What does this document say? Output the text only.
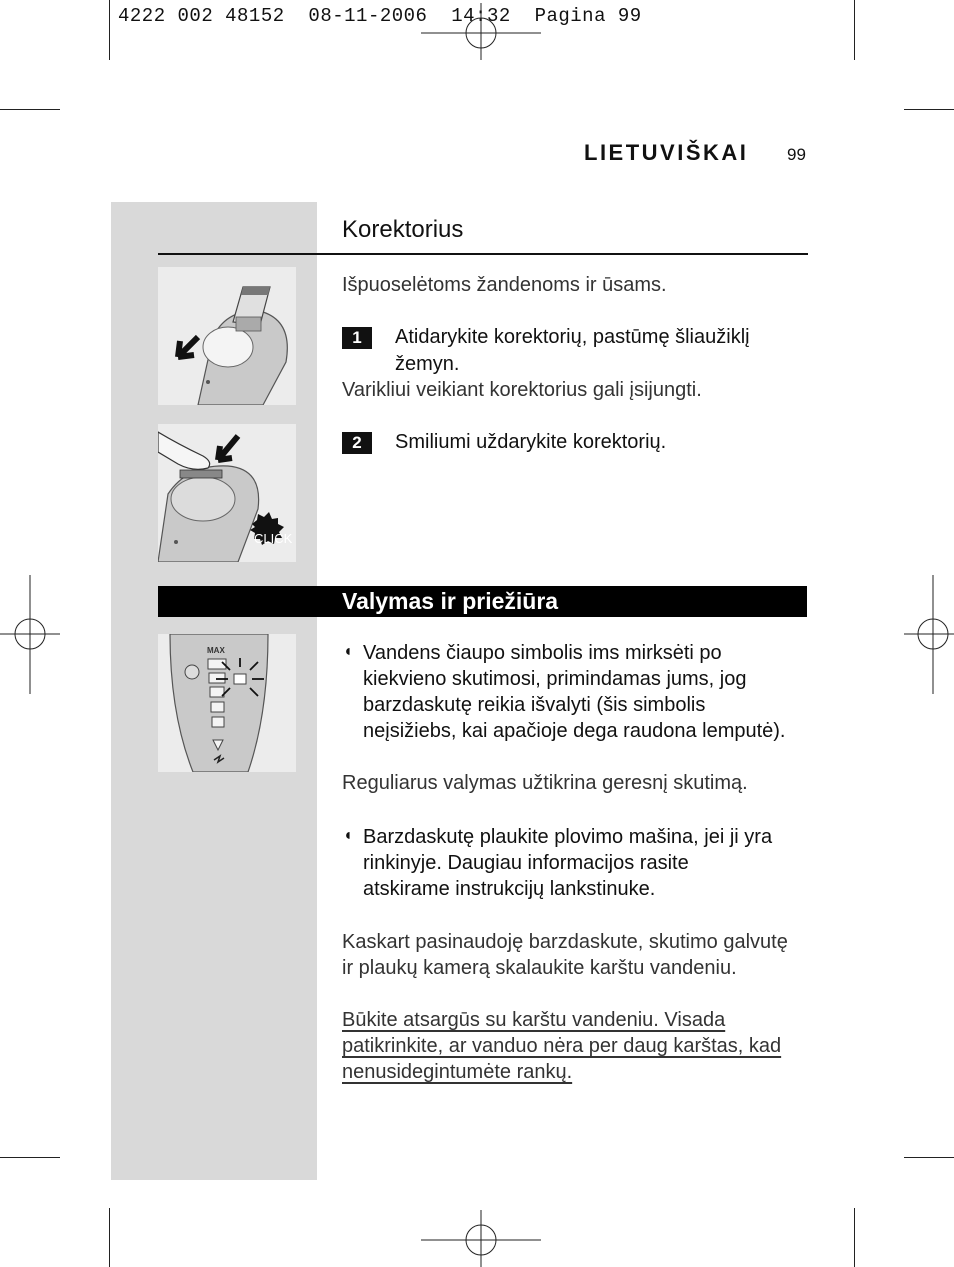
4222 002 48152  08-11-2006  14:32  Pagina 99
LIETUVIŠKAI 99
Korektorius
Išpuoselėtoms žandenoms ir ūsams.
1	Atidarykite korektorių, pastūmę šliaužiklį
žemyn.
Varikliui veikiant korektorius gali įsijungti.
2	Smiliumi uždarykite korektorių.
CLICK
Valymas ir priežiūra
MAX	◖ Vandens čiaupo simbolis ims mirksėti po
kiekvieno skutimosi, primindamas jums, jog
barzdaskutę reikia išvalyti (šis simbolis
neįsižiebs, kai apačioje dega raudona lemputė).
Reguliarus valymas užtikrina geresnį skutimą.
◖ Barzdaskutę plaukite plovimo mašina, jei ji yra
rinkinyje. Daugiau informacijos rasite
atskirame instrukcijų lankstinuke.
Kaskart pasinaudoję barzdaskute, skutimo galvutę
ir plaukų kamerą skalaukite karštu vandeniu.
Būkite atsargūs su karštu vandeniu. Visada
patikrinkite, ar vanduo nėra per daug karštas, kad
nenusidegintumėte rankų.
